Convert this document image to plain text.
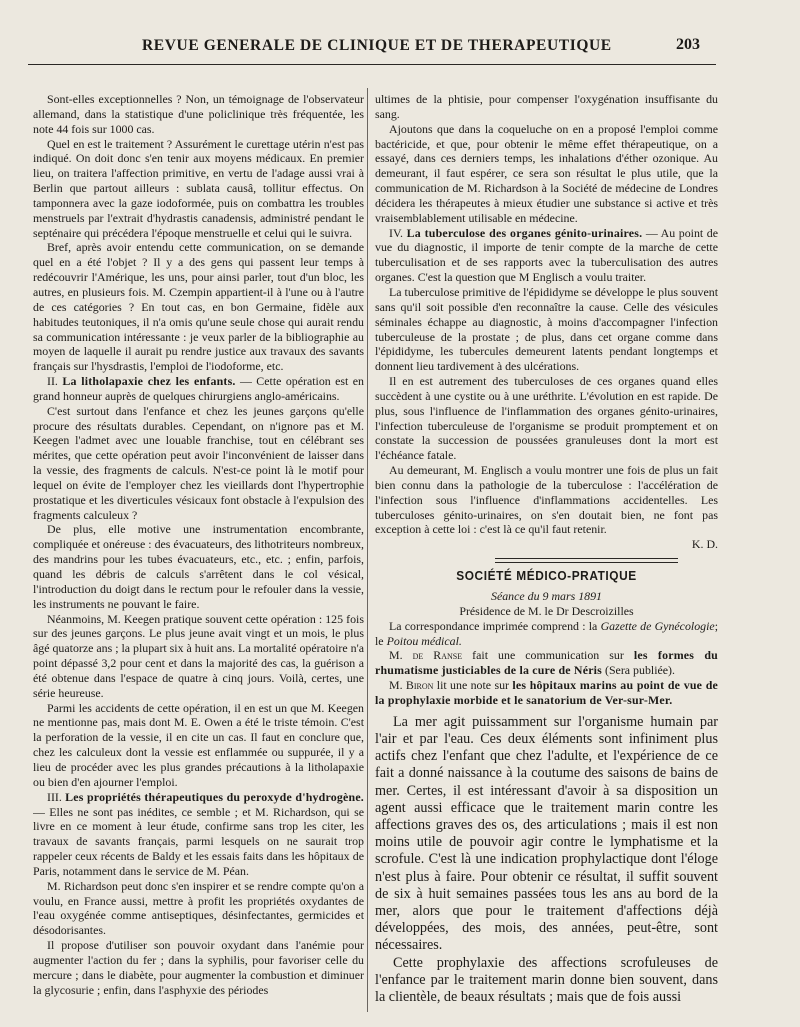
REVUE GENERALE DE CLINIQUE ET DE THERAPEUTIQUE	203

Sont-elles exceptionnelles ? Non, un témoignage de l'observateur allemand, dans la statistique d'une policlinique très fréquentée, les note 44 fois sur 1000 cas.

Quel en est le traitement ? Assurément le curettage utérin n'est pas indiqué. On doit donc s'en tenir aux moyens médicaux. En premier lieu, on traitera l'affection primitive, en vertu de l'adage aussi vrai à Berlin que partout ailleurs : sublata causâ, tollitur effectus. On tamponnera avec la gaze iodoformée, puis on combattra les troubles menstruels par l'extrait d'hydrastis canadensis, administré pendant le septénaire qui précédera l'époque menstruelle et celui qui le suivra.

Bref, après avoir entendu cette communication, on se demande quel en a été l'objet ? Il y a des gens qui passent leur temps à redécouvrir l'Amérique, les uns, pour ainsi parler, tout d'un bloc, les autres, en plusieurs fois. M. Czempin appartient-il à l'une ou à l'autre de ces catégories ? En tout cas, en bon Germaine, fidèle aux habitudes teutoniques, il n'a omis qu'une seule chose qui aurait rendu sa communication intéressante : je veux parler de la bibliographie au moyen de laquelle il aurait pu rendre justice aux travaux des savants français sur l'hysdrastis, l'emploi de l'iodoforme, etc.

II. La litholapaxie chez les enfants. — Cette opération est en grand honneur auprès de quelques chirurgiens anglo-américains.

C'est surtout dans l'enfance et chez les jeunes garçons qu'elle procure des résultats durables. Cependant, on n'ignore pas et M. Keegen l'admet avec une louable franchise, tout en célébrant ses mérites, que cette opération peut avoir l'inconvénient de laisser dans la vessie, des fragments de calculs. N'est-ce point là le motif pour lequel on évite de l'employer chez les vieillards dont l'hypertrophie prostatique et les diverticules vésicaux font obstacle à l'expulsion des fragments calculeux ?

De plus, elle motive une instrumentation encombrante, compliquée et onéreuse : des évacuateurs, des lithotriteurs nombreux, des mandrins pour les tubes évacuateurs, etc., etc. ; enfin, parfois, quand les débris de calculs s'arrêtent dans le col vésical, l'introduction du doigt dans le rectum pour le refouler dans la vessie, les instruments ne pouvant le faire.

Néanmoins, M. Keegen pratique souvent cette opération : 125 fois sur des jeunes garçons. Le plus jeune avait vingt et un mois, le plus âgé quatorze ans ; la plupart six à huit ans. La mortalité opératoire n'a point dépassé 3,2 pour cent et dans la majorité des cas, la guérison a été obtenue dans l'espace de quatre à cinq jours. Voilà, certes, une série heureuse.

Parmi les accidents de cette opération, il en est un que M. Keegen ne mentionne pas, mais dont M. E. Owen a été le triste témoin. C'est la perforation de la vessie, il en cite un cas. Il faut en conclure que, chez les calculeux dont la vessie est enflammée ou suppurée, il y a lieu de procéder avec les plus grandes précautions à la litholapaxie ou bien d'en ajourner l'emploi.

III. Les propriétés thérapeutiques du peroxyde d'hydrogène. — Elles ne sont pas inédites, ce semble ; et M. Richardson, qui se livre en ce moment à leur étude, confirme sans trop les citer, les travaux de savants français, parmi lesquels on ne saurait trop rappeler ceux récents de Baldy et les essais faits dans les hôpitaux de Paris, notamment dans le service de M. Péan.

M. Richardson peut donc s'en inspirer et se rendre compte qu'on a voulu, en France aussi, mettre à profit les propriétés oxydantes de l'eau oxygénée comme antiseptiques, désinfectantes, germicides et désodorisantes.

Il propose d'utiliser son pouvoir oxydant dans l'anémie pour augmenter l'action du fer ; dans la syphilis, pour favoriser celle du mercure ; dans le diabète, pour augmenter la combustion et diminuer la glycosurie ; enfin, dans l'asphyxie des périodes

ultimes de la phtisie, pour compenser l'oxygénation insuffisante du sang.

Ajoutons que dans la coqueluche on en a proposé l'emploi comme bactéricide, et que, pour obtenir le même effet thérapeutique, on a essayé, dans ces derniers temps, les inhalations d'éther ozonique. Au demeurant, il faut espérer, ce sera son résultat le plus utile, que la communication de M. Richardson à la Société de médecine de Londres décidera les thérapeutes à mieux étudier une substance si active et très vraisemblablement utilisable en médecine.

IV. La tuberculose des organes génito-urinaires. — Au point de vue du diagnostic, il importe de tenir compte de la marche de cette tuberculisation et de ses rapports avec la tuberculisation des autres organes. C'est la question que M Englisch a voulu traiter.

La tuberculose primitive de l'épididyme se développe le plus souvent sans qu'il soit possible d'en reconnaître la cause. Celle des vésicules séminales échappe au diagnostic, à moins d'accompagner l'infection tuberculeuse de la prostate ; de plus, dans cet organe comme dans l'épididyme, les tubercules demeurent latents pendant longtemps et donnent lieu tardivement à des ulcérations.

Il en est autrement des tuberculoses de ces organes quand elles succèdent à une cystite ou à une uréthrite. L'évolution en est rapide. De plus, sous l'influence de l'inflammation des organes génito-urinaires, l'infection tuberculeuse de l'organisme se produit promptement et on constate la succession de poussées granuleuses dont la mort est l'échéance fatale.

Au demeurant, M. Englisch a voulu montrer une fois de plus un fait bien connu dans la pathologie de la tuberculose : l'accélération de l'infection sous l'influence d'inflammations accidentelles. Les tuberculoses génito-urinaires, on s'en doutait bien, ne font pas exception à cette loi : c'est là ce qu'il faut retenir.

K. D.

SOCIÉTÉ MÉDICO-PRATIQUE

Séance du 9 mars 1891

Présidence de M. le Dr Descroizilles

La correspondance imprimée comprend : la Gazette de Gynécologie; le Poitou médical.

M. de Ranse fait une communication sur les formes du rhumatisme justiciables de la cure de Néris (Sera publiée).

M. Biron lit une note sur les hôpitaux marins au point de vue de la prophylaxie morbide et le sanatorium de Ver-sur-Mer.

La mer agit puissamment sur l'organisme humain par l'air et par l'eau. Ces deux éléments sont infiniment plus actifs chez l'enfant que chez l'adulte, et l'expérience de ce fait a donné naissance à la coutume des saisons de bains de mer. Certes, il est intéressant d'avoir à sa disposition un agent aussi efficace que le traitement marin contre les affections graves des os, des articulations ; mais il est non moins utile de pouvoir agir contre le lymphatisme et la scrofule. C'est là une indication prophylactique dont l'éloge n'est plus à faire. Pour obtenir ce résultat, il suffit souvent de six à huit semaines passées tous les ans au bord de la mer, alors que pour le traitement d'affections déjà développées, des mois, des années, peut-être, sont nécessaires.

Cette prophylaxie des affections scrofuleuses de l'enfance par le traitement marin donne bien souvent, dans la clientèle, de beaux résultats ; mais que de fois aussi
